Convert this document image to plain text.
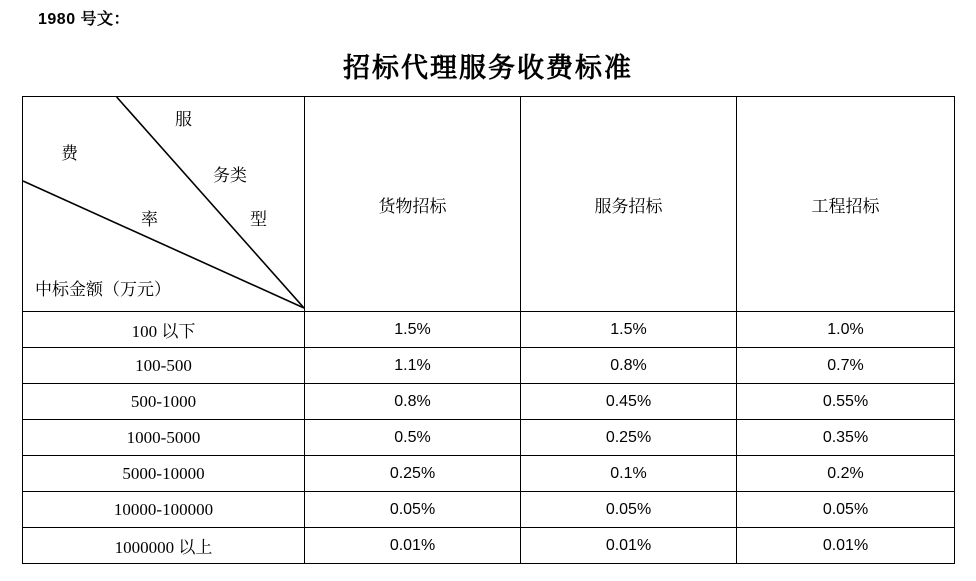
1980 号文：
招标代理服务收费标准
费
率
服
务
型
类
中标金额（万元）
	货物招标	服务招标	工程招标
100 以下	1.5%	1.5%	1.0%
100-500	1.1%	0.8%	0.7%
500-1000	0.8%	0.45%	0.55%
1000-5000	0.5%	0.25%	0.35%
5000-10000	0.25%	0.1%	0.2%
10000-100000	0.05%	0.05%	0.05%
1000000 以上	0.01%	0.01%	0.01%
